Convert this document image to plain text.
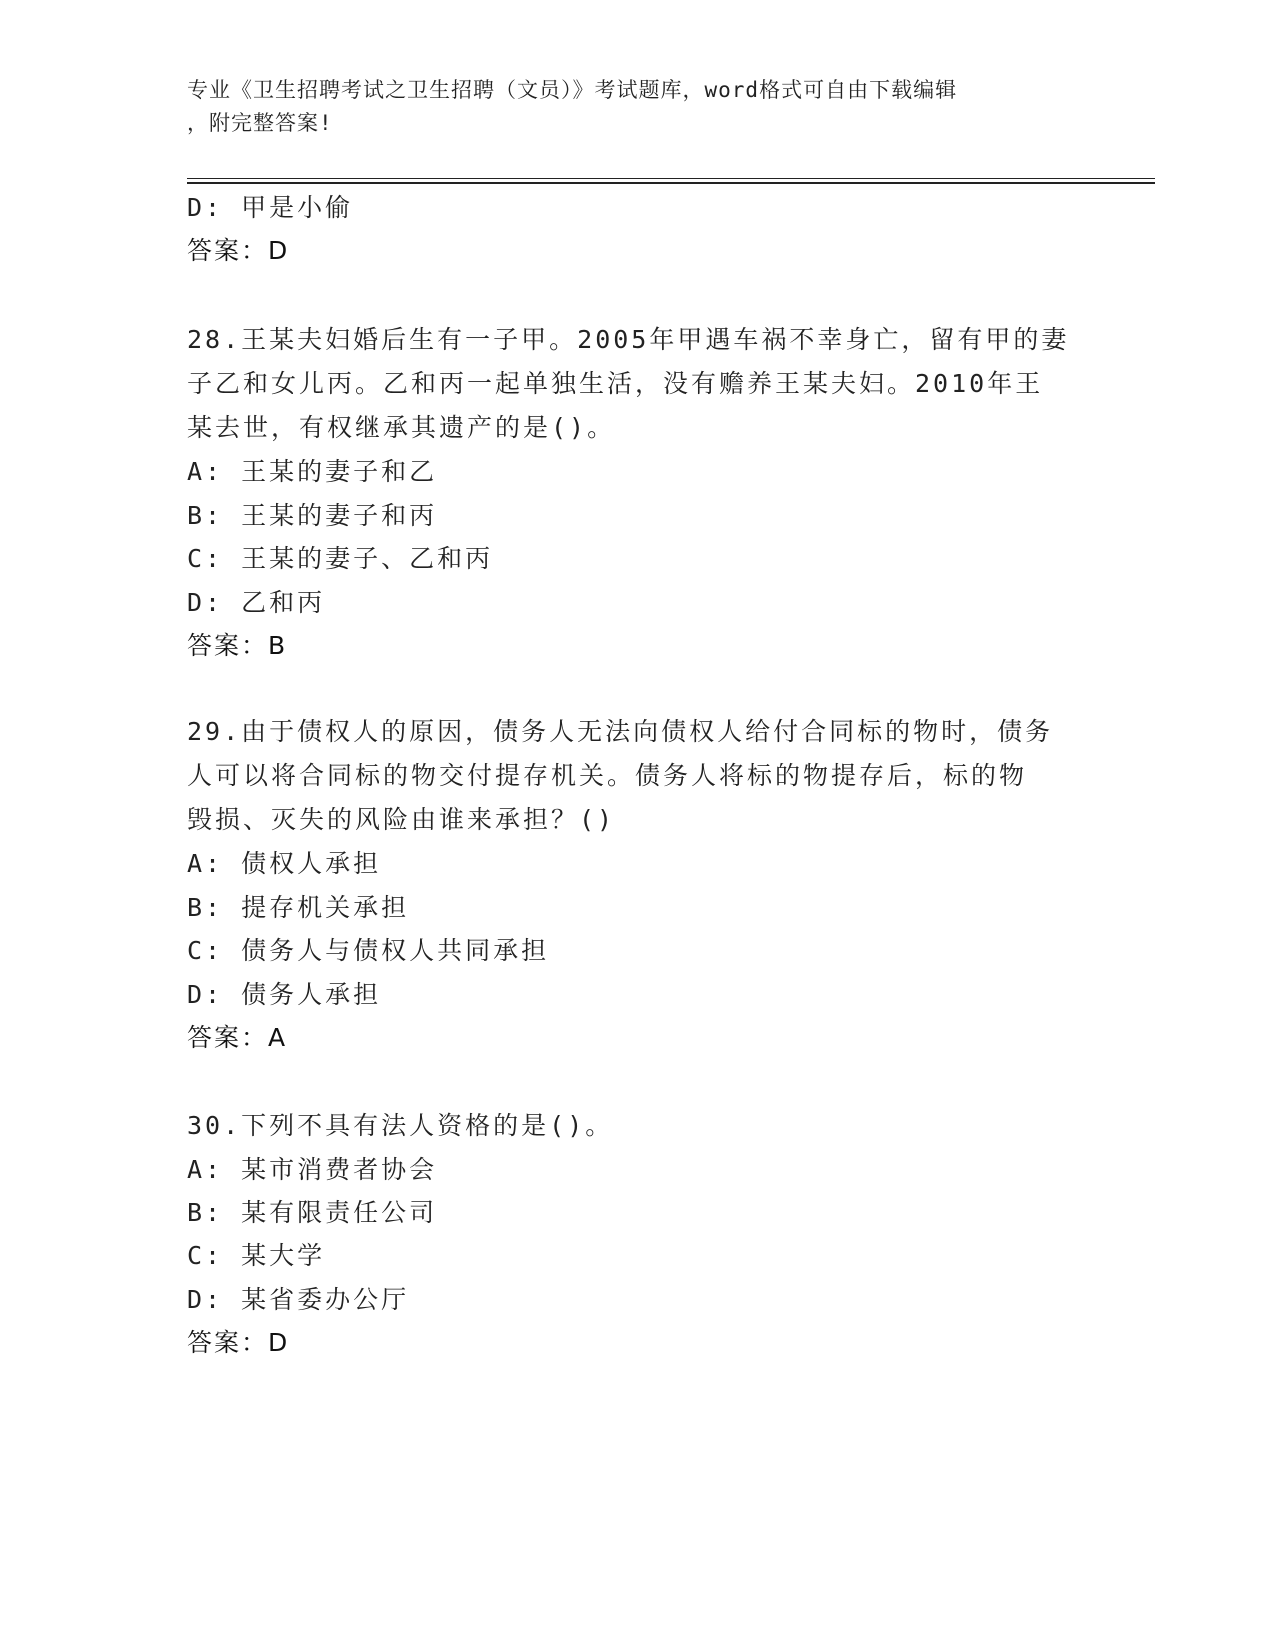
专业《卫生招聘考试之卫生招聘（文员）》考试题库，word格式可自由下载编辑
，附完整答案!
D: 甲是小偷
答案：D
28.王某夫妇婚后生有一子甲。2005年甲遇车祸不幸身亡，留有甲的妻
子乙和女儿丙。乙和丙一起单独生活，没有赡养王某夫妇。2010年王
某去世，有权继承其遗产的是()。
A: 王某的妻子和乙
B: 王某的妻子和丙
C: 王某的妻子、乙和丙
D: 乙和丙
答案：B
29.由于债权人的原因，债务人无法向债权人给付合同标的物时，债务
人可以将合同标的物交付提存机关。债务人将标的物提存后，标的物
毁损、灭失的风险由谁来承担？()
A: 债权人承担
B: 提存机关承担
C: 债务人与债权人共同承担
D: 债务人承担
答案：A
30.下列不具有法人资格的是()。
A: 某市消费者协会
B: 某有限责任公司
C: 某大学
D: 某省委办公厅
答案：D
